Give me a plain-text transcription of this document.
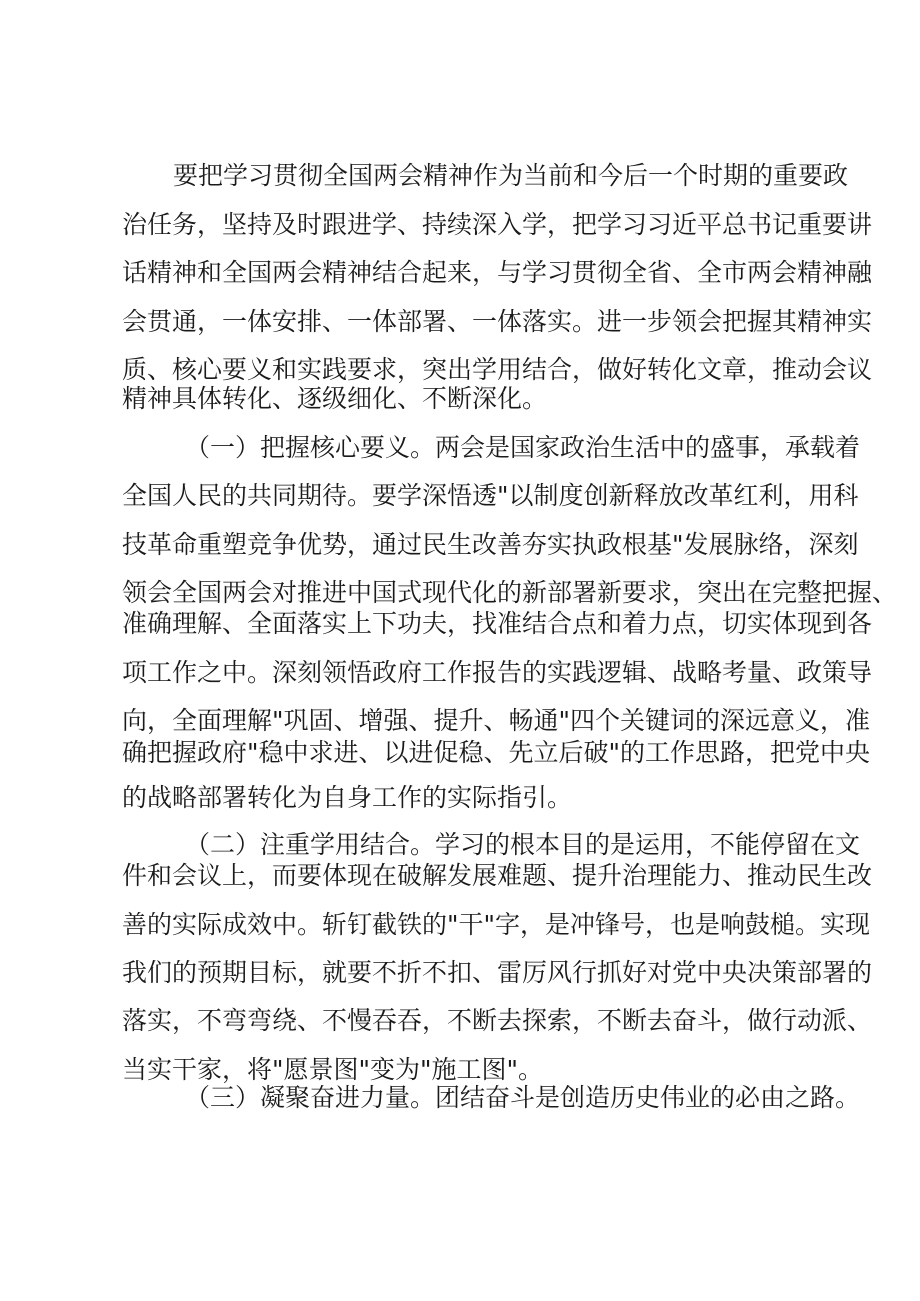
要把学习贯彻全国两会精神作为当前和今后一个时期的重要政
治任务，坚持及时跟进学、持续深入学，把学习习近平总书记重要讲
话精神和全国两会精神结合起来，与学习贯彻全省、全市两会精神融
会贯通，一体安排、一体部署、一体落实。进一步领会把握其精神实
质、核心要义和实践要求，突出学用结合，做好转化文章，推动会议
精神具体转化、逐级细化、不断深化。
（一）把握核心要义。两会是国家政治生活中的盛事，承载着
全国人民的共同期待。要学深悟透"以制度创新释放改革红利，用科
技革命重塑竞争优势，通过民生改善夯实执政根基"发展脉络，深刻
领会全国两会对推进中国式现代化的新部署新要求，突出在完整把握、
准确理解、全面落实上下功夫，找准结合点和着力点，切实体现到各
项工作之中。深刻领悟政府工作报告的实践逻辑、战略考量、政策导
向，全面理解"巩固、增强、提升、畅通"四个关键词的深远意义，准
确把握政府"稳中求进、以进促稳、先立后破"的工作思路，把党中央
的战略部署转化为自身工作的实际指引。
（二）注重学用结合。学习的根本目的是运用，不能停留在文
件和会议上，而要体现在破解发展难题、提升治理能力、推动民生改
善的实际成效中。斩钉截铁的"干"字，是冲锋号，也是响鼓槌。实现
我们的预期目标，就要不折不扣、雷厉风行抓好对党中央决策部署的
落实，不弯弯绕、不慢吞吞，不断去探索，不断去奋斗，做行动派、
当实干家，将"愿景图"变为"施工图"。
（三）凝聚奋进力量。团结奋斗是创造历史伟业的必由之路。
